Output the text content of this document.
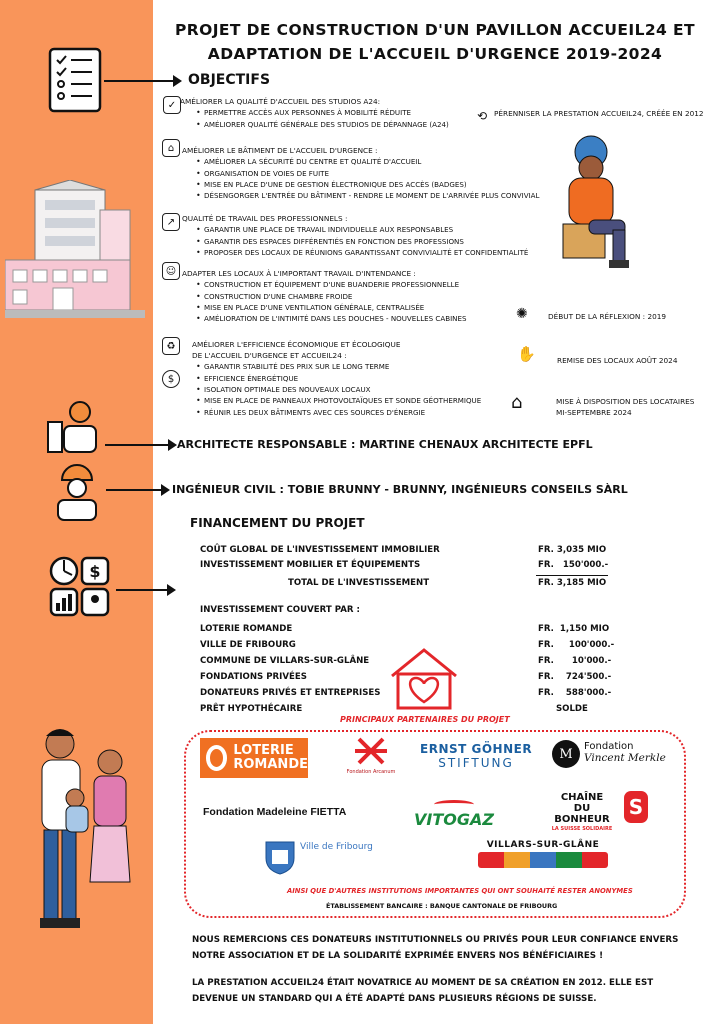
PROJET DE CONSTRUCTION D'UN PAVILLON ACCUEIL24 ET
ADAPTATION DE L'ACCUEIL D'URGENCE 2019-2024
$
OBJECTIFS
✓ AMÉLIORER LA QUALITÉ D'ACCUEIL DES STUDIOS A24:
• PERMETTRE ACCÈS AUX PERSONNES À MOBILITÉ RÉDUITE
• AMÉLIORER QUALITÉ GÉNÉRALE DES STUDIOS DE DÉPANNAGE (A24)
⟲ PÉRENNISER LA PRESTATION ACCUEIL24, CRÉÉE EN 2012
⌂	AMÉLIORER LE BÂTIMENT DE L'ACCUEIL D'URGENCE :
• AMÉLIORER LA SÉCURITÉ DU CENTRE ET QUALITÉ D'ACCUEIL
• ORGANISATION DE VOIES DE FUITE
• MISE EN PLACE D'UNE DE GESTION ÉLECTRONIQUE DES ACCÈS (BADGES)
• DÉSENGORGER L'ENTRÉE DU BÂTIMENT - RENDRE LE MOMENT DE L'ARRIVÉE PLUS CONVIVIAL
↗ QUALITÉ DE TRAVAIL DES PROFESSIONNELS :
• GARANTIR UNE PLACE DE TRAVAIL INDIVIDUELLE AUX RESPONSABLES
• GARANTIR DES ESPACES DIFFÉRENTIÉS EN FONCTION DES PROFESSIONS
• PROPOSER DES LOCAUX DE RÉUNIONS GARANTISSANT CONVIVIALITÉ ET CONFIDENTIALITÉ
☺ ADAPTER LES LOCAUX À L'IMPORTANT TRAVAIL D'INTENDANCE :
• CONSTRUCTION ET ÉQUIPEMENT D'UNE BUANDERIE PROFESSIONNELLE
• CONSTRUCTION D'UNE CHAMBRE FROIDE
• MISE EN PLACE D'UNE VENTILATION GÉNÉRALE, CENTRALISÉE
• AMÉLIORATION DE L'INTIMITÉ DANS LES DOUCHES - NOUVELLES CABINES	✺	DÉBUT DE LA RÉFLEXION : 2019
♻
$
AMÉLIORER L'EFFICIENCE ÉCONOMIQUE ET ÉCOLOGIQUE
DE L'ACCUEIL D'URGENCE ET ACCUEIL24 :
• GARANTIR STABILITÉ DES PRIX SUR LE LONG TERME
• EFFICIENCE ÉNERGÉTIQUE
• ISOLATION OPTIMALE DES NOUVEAUX LOCAUX
• MISE EN PLACE DE PANNEAUX PHOTOVOLTAÏQUES ET SONDE GÉOTHERMIQUE
• RÉUNIR LES DEUX BÂTIMENTS AVEC CES SOURCES D'ÉNERGIE
✋	REMISE DES LOCAUX AOÛT 2024
⌂	MISE À DISPOSITION DES LOCATAIRES
MI-SEPTEMBRE 2024
ARCHITECTE RESPONSABLE : MARTINE CHENAUX ARCHITECTE EPFL
INGÉNIEUR CIVIL : TOBIE BRUNNY - BRUNNY, INGÉNIEURS CONSEILS SÀRL
FINANCEMENT DU PROJET
COÛT GLOBAL DE L'INVESTISSEMENT IMMOBILIER	FR. 3,035 MIO
INVESTISSEMENT MOBILIER ET ÉQUIPEMENTS	FR.   150'000.-
TOTAL DE L'INVESTISSEMENT	FR. 3,185 MIO
INVESTISSEMENT COUVERT PAR :
LOTERIE ROMANDE	FR.  1,150 MIO
VILLE DE FRIBOURG	FR.     100'000.-
COMMUNE DE VILLARS-SUR-GLÂNE	FR.      10'000.-
FONDATIONS PRIVÉES	FR.    724'500.-
DONATEURS PRIVÉS ET ENTREPRISES	FR.    588'000.-
PRÊT HYPOTHÉCAIRE	SOLDE
PRINCIPAUX PARTENAIRES DU PROJET
LOTERIE
ROMANDE	Fondation Arcanum
ERNST GÖHNER
STIFTUNG
M	Fondation
Vincent Merkle
Fondation Madeleine FIETTA	VITOGAZ
CHAÎNE
DU BONHEUR
LA SUISSE SOLIDAIRE
S
Ville de Fribourg	VILLARS-SUR-GLÂNE
AINSI QUE D'AUTRES INSTITUTIONS IMPORTANTES QUI ONT SOUHAITÉ RESTER ANONYMES
ÉTABLISSEMENT BANCAIRE : BANQUE CANTONALE DE FRIBOURG
NOUS REMERCIONS CES DONATEURS INSTITUTIONNELS OU PRIVÉS POUR LEUR CONFIANCE ENVERS NOTRE ASSOCIATION ET DE LA SOLIDARITÉ EXPRIMÉE ENVERS NOS BÉNÉFICIAIRES !
LA PRESTATION ACCUEIL24 ÉTAIT NOVATRICE AU MOMENT DE SA CRÉATION EN 2012. ELLE EST DEVENUE UN STANDARD QUI A ÉTÉ ADAPTÉ DANS PLUSIEURS RÉGIONS DE SUISSE.
